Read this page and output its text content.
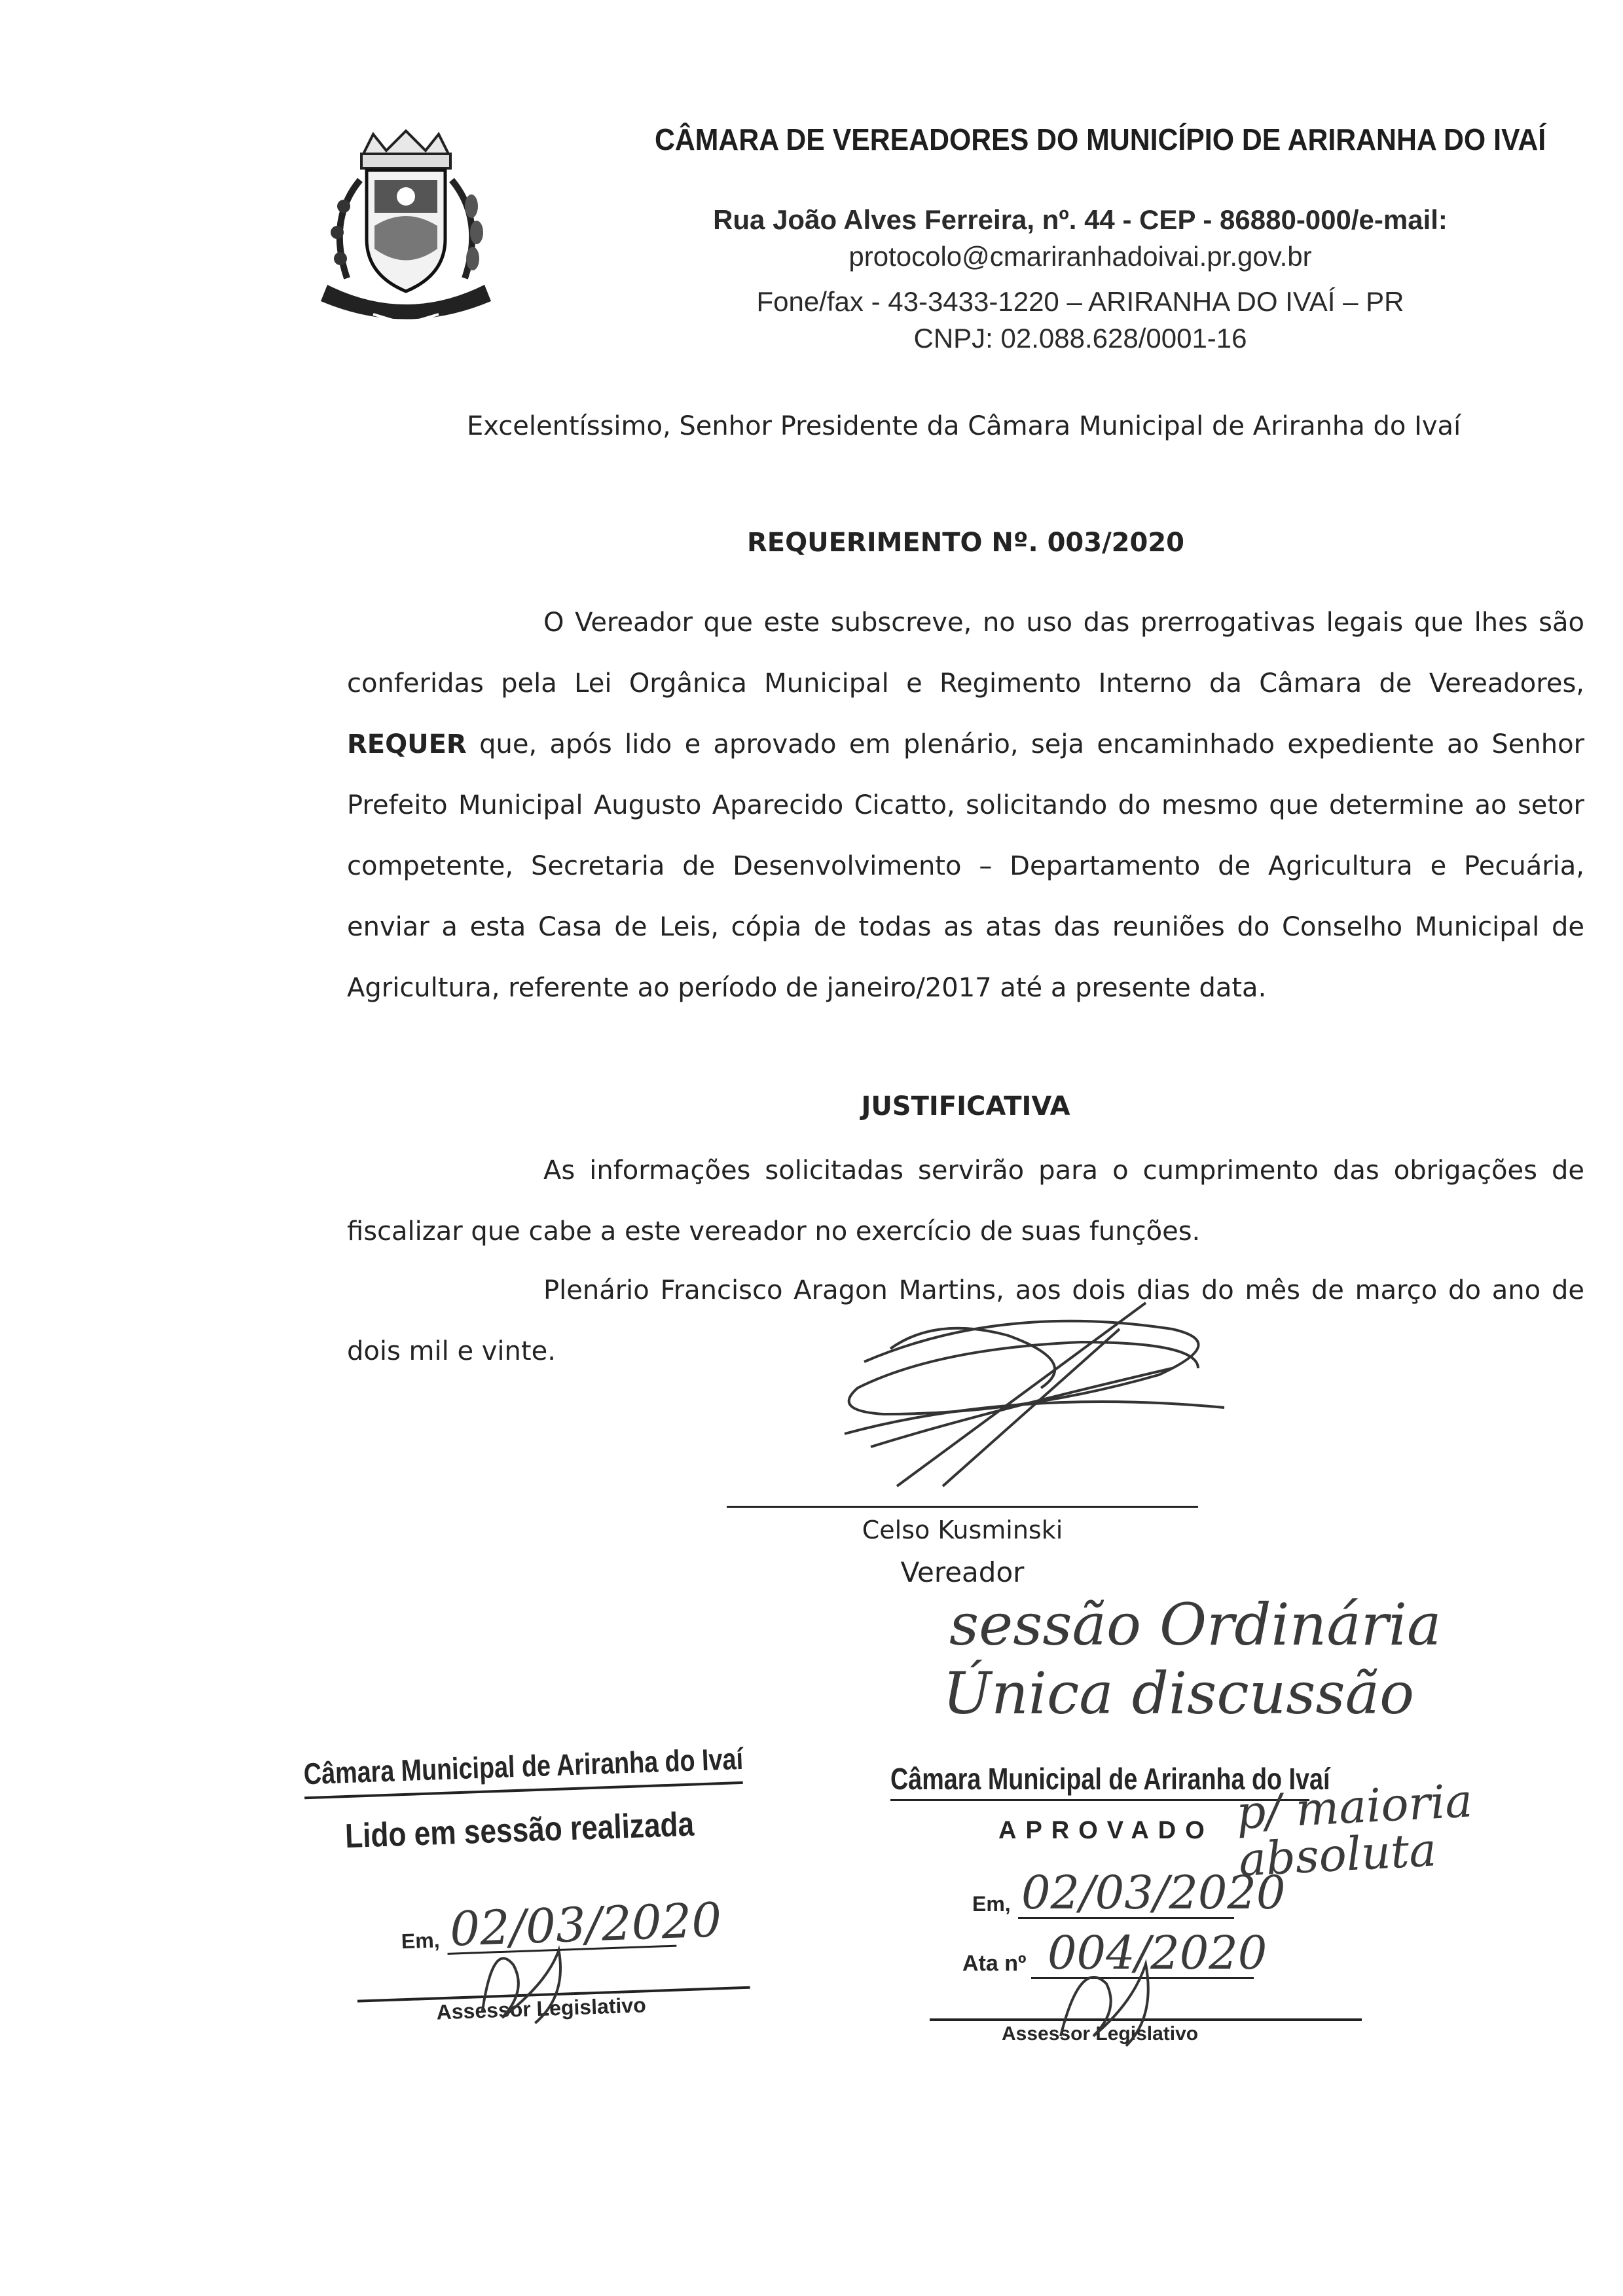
CÂMARA DE VEREADORES DO MUNICÍPIO DE ARIRANHA DO IVAÍ
Rua João Alves Ferreira, nº. 44 - CEP - 86880-000/e-mail:
protocolo@cmariranhadoivai.pr.gov.br
Fone/fax - 43-3433-1220 – ARIRANHA DO IVAÍ – PR
CNPJ: 02.088.628/0001-16
Excelentíssimo, Senhor Presidente da Câmara Municipal de Ariranha do Ivaí
REQUERIMENTO Nº. 003/2020
O Vereador que este subscreve, no uso das prerrogativas legais que lhes são conferidas pela Lei Orgânica Municipal e Regimento Interno da Câmara de Vereadores, REQUER que, após lido e aprovado em plenário, seja encaminhado expediente ao Senhor Prefeito Municipal Augusto Aparecido Cicatto, solicitando do mesmo que determine ao setor competente, Secretaria de Desenvolvimento – Departamento de Agricultura e Pecuária, enviar a esta Casa de Leis, cópia de todas as atas das reuniões do Conselho Municipal de Agricultura, referente ao período de janeiro/2017 até a presente data.
JUSTIFICATIVA
As informações solicitadas servirão para o cumprimento das obrigações de fiscalizar que cabe a este vereador no exercício de suas funções.
Plenário Francisco Aragon Martins, aos dois dias do mês de março do ano de dois mil e vinte.
Celso Kusminski
Vereador
sessão Ordinária
Única discussão
Câmara Municipal de Ariranha do Ivaí
Lido em sessão realizada
Em, 02/03/2020
Assessor Legislativo
Câmara Municipal de Ariranha do Ivaí
APROVADO p/ maioria absoluta
Em, 02/03/2020
Ata nº 004/2020
Assessor Legislativo
